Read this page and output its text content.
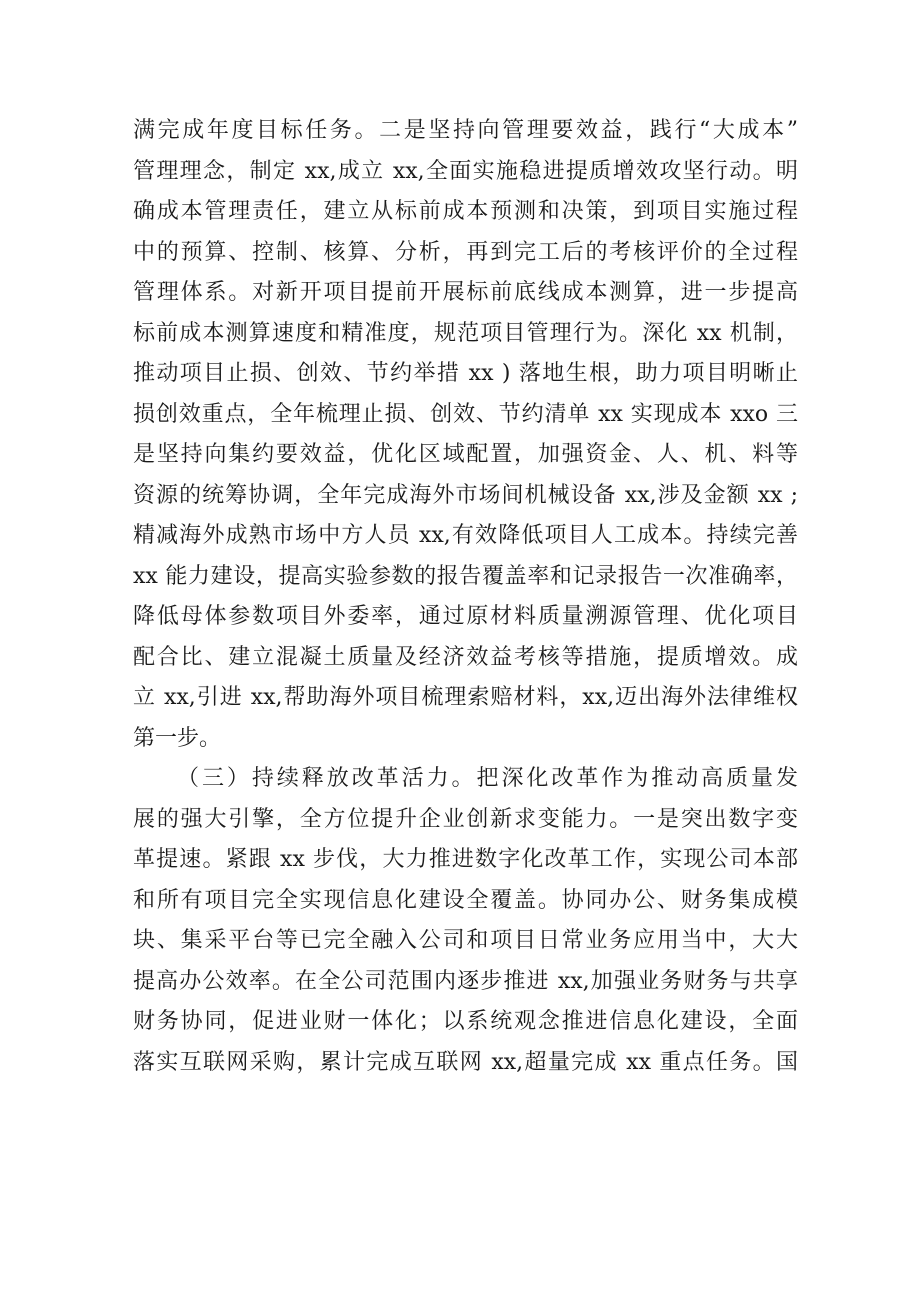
满完成年度目标任务。二是坚持向管理要效益，践行“大成本”
管理理念，制定 xx,成立 xx,全面实施稳进提质增效攻坚行动。明
确成本管理责任，建立从标前成本预测和决策，到项目实施过程
中的预算、控制、核算、分析，再到完工后的考核评价的全过程
管理体系。对新开项目提前开展标前底线成本测算，进一步提高
标前成本测算速度和精准度，规范项目管理行为。深化 xx 机制，
推动项目止损、创效、节约举措 xx ) 落地生根，助力项目明晰止
损创效重点，全年梳理止损、创效、节约清单 xx 实现成本 xxo 三
是坚持向集约要效益，优化区域配置，加强资金、人、机、料等
资源的统筹协调，全年完成海外市场间机械设备 xx,涉及金额 xx ;
精减海外成熟市场中方人员 xx,有效降低项目人工成本。持续完善
xx 能力建设，提高实验参数的报告覆盖率和记录报告一次准确率，
降低母体参数项目外委率，通过原材料质量溯源管理、优化项目
配合比、建立混凝土质量及经济效益考核等措施，提质增效。成
立 xx,引进 xx,帮助海外项目梳理索赔材料，xx,迈出海外法律维权
第一步。
（三）持续释放改革活力。把深化改革作为推动高质量发
展的强大引擎，全方位提升企业创新求变能力。一是突出数字变
革提速。紧跟 xx 步伐，大力推进数字化改革工作，实现公司本部
和所有项目完全实现信息化建设全覆盖。协同办公、财务集成模
块、集采平台等已完全融入公司和项目日常业务应用当中，大大
提高办公效率。在全公司范围内逐步推进 xx,加强业务财务与共享
财务协同，促进业财一体化；以系统观念推进信息化建设，全面
落实互联网采购，累计完成互联网 xx,超量完成 xx 重点任务。国
